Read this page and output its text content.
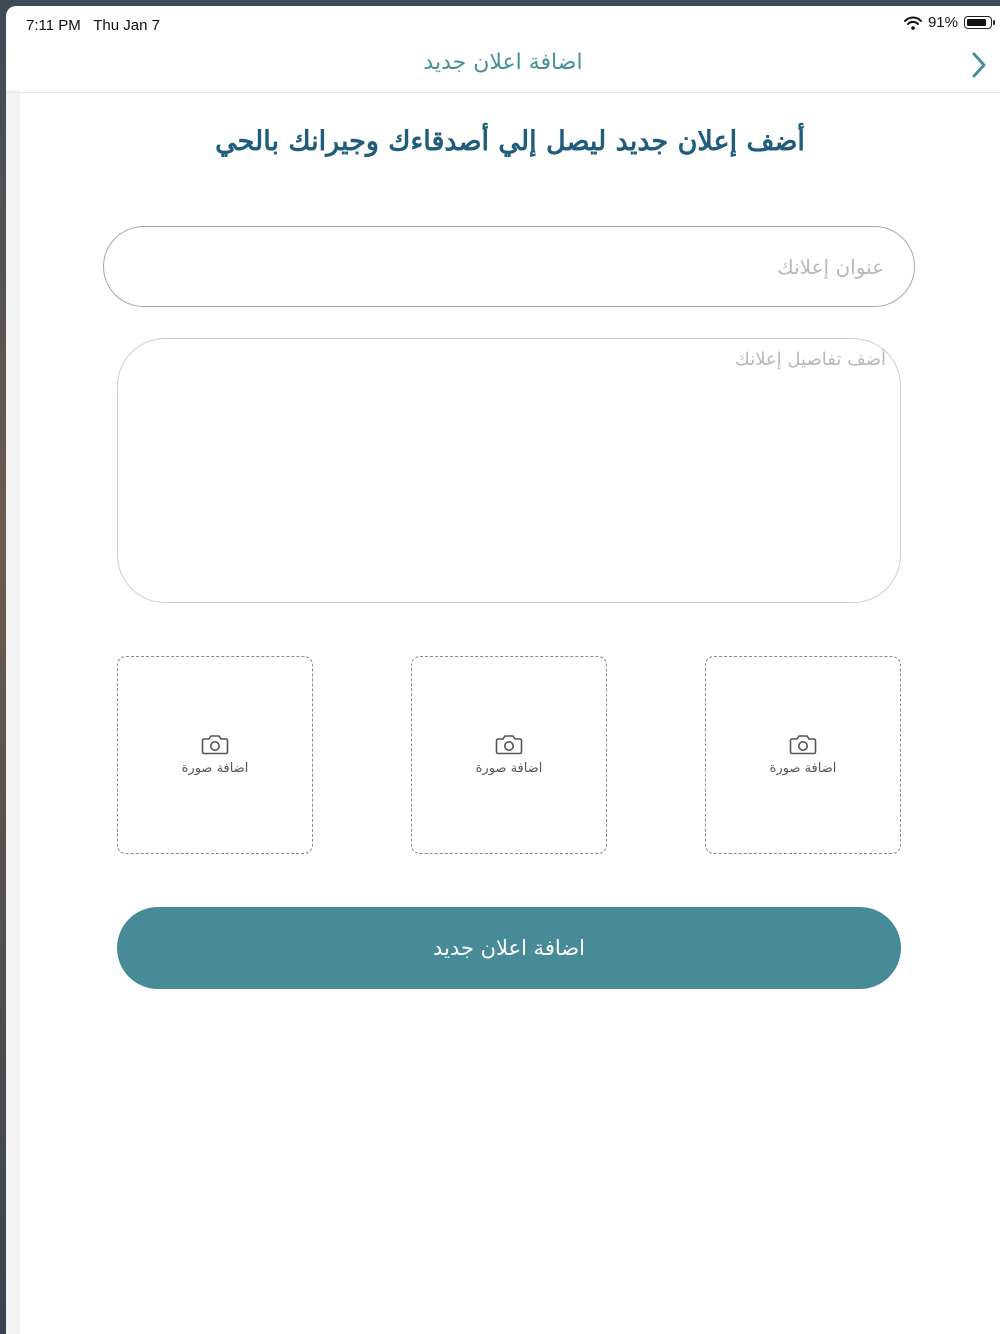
7:11 PM Thu Jan 7	91%
اضافة اعلان جديد
أضف إعلان جديد ليصل إلي أصدقاءك وجيرانك بالحي
عنوان إعلانك
أضف تفاصيل إعلانك
اضافة صورة	اضافة صورة	اضافة صورة
اضافة اعلان جديد
